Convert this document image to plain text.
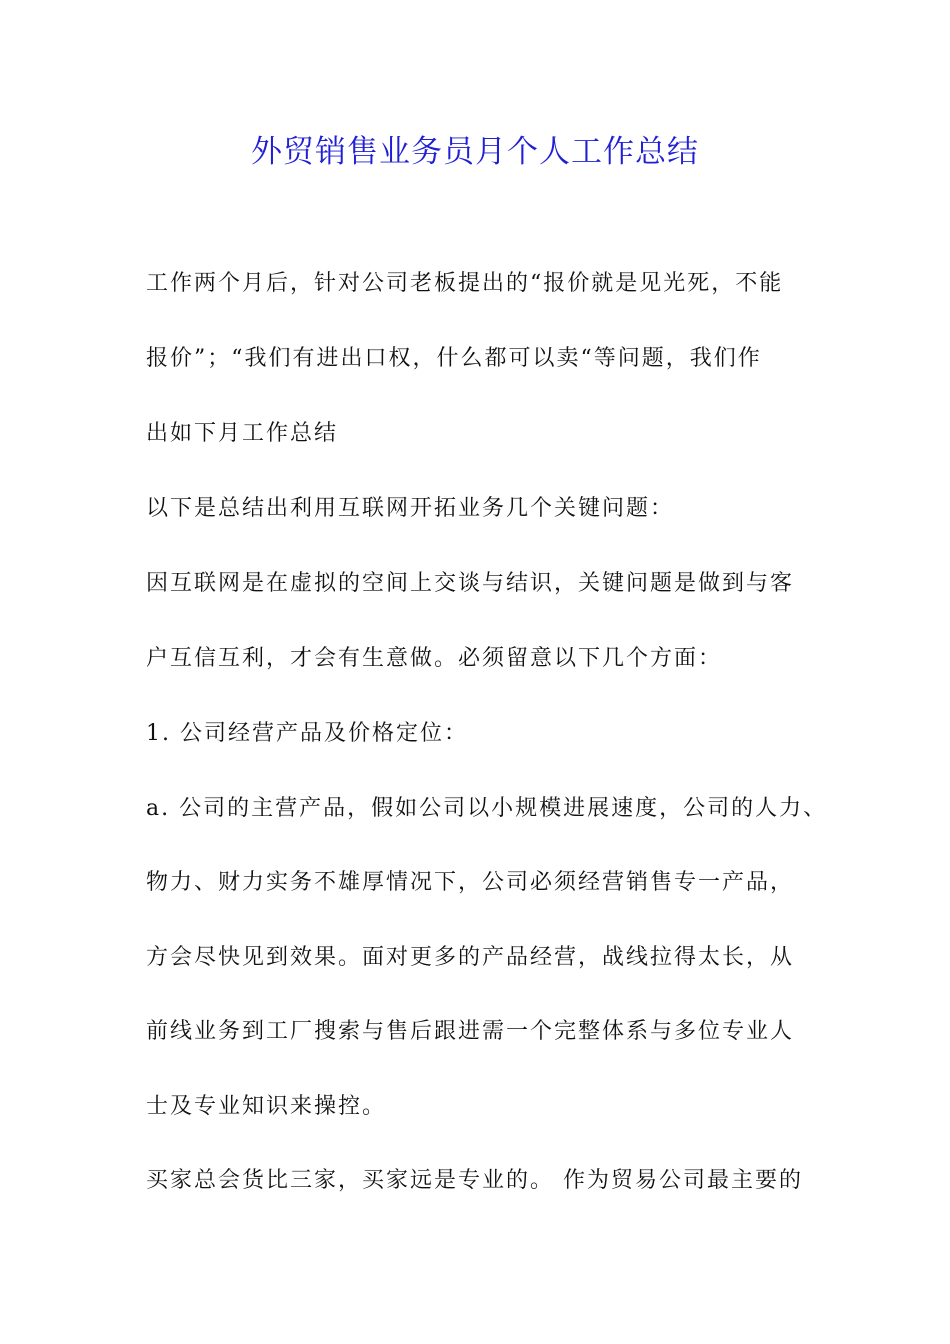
外贸销售业务员月个人工作总结

工作两个月后，针对公司老板提出的“报价就是见光死，不能

报价”；“我们有进出口权，什么都可以卖“等问题，我们作

出如下月工作总结

以下是总结出利用互联网开拓业务几个关键问题：

因互联网是在虚拟的空间上交谈与结识，关键问题是做到与客

户互信互利，才会有生意做。必须留意以下几个方面：

1. 公司经营产品及价格定位：

a. 公司的主营产品，假如公司以小规模进展速度，公司的人力、

物力、财力实务不雄厚情况下，公司必须经营销售专一产品，

方会尽快见到效果。面对更多的产品经营，战线拉得太长，从

前线业务到工厂搜索与售后跟进需一个完整体系与多位专业人

士及专业知识来操控。

买家总会货比三家，买家远是专业的。 作为贸易公司最主要的
